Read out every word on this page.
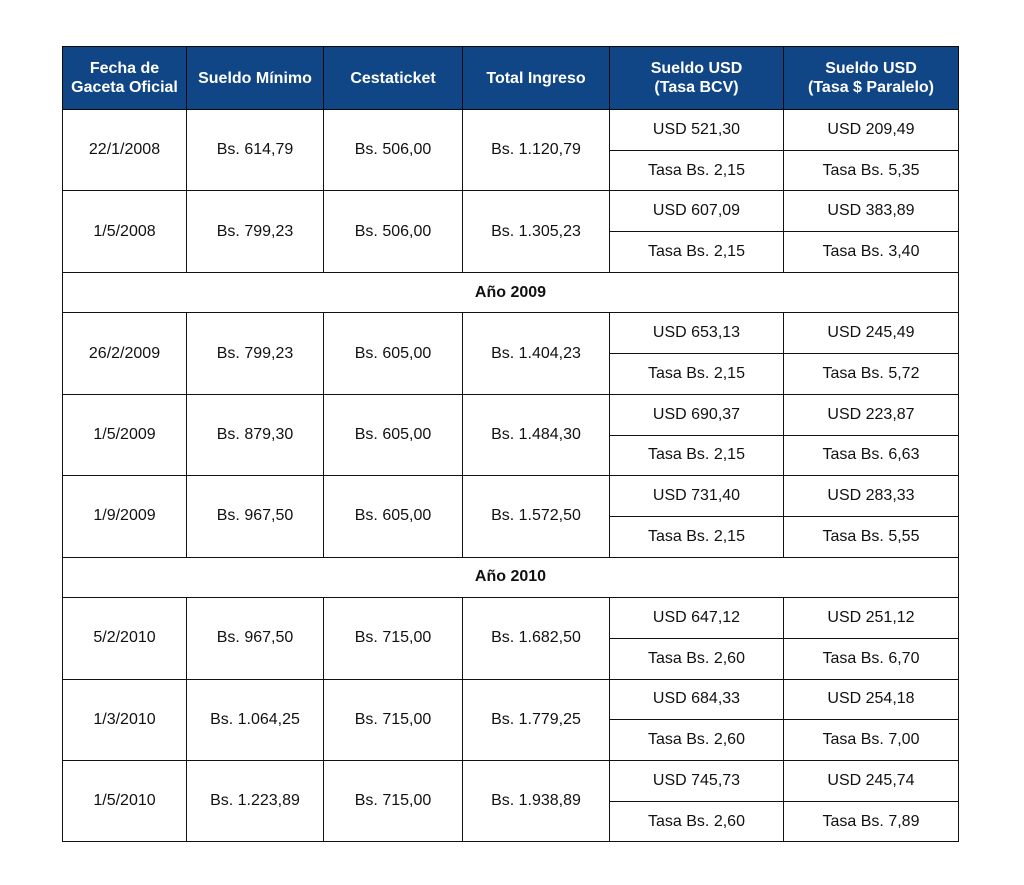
Fecha de
Gaceta Oficial	Sueldo Mínimo	Cestaticket	Total Ingreso	Sueldo USD
(Tasa BCV)	Sueldo USD
(Tasa $ Paralelo)
22/1/2008	Bs. 614,79	Bs. 506,00	Bs. 1.120,79	USD 521,30	USD 209,49
				Tasa Bs. 2,15	Tasa Bs. 5,35
1/5/2008	Bs. 799,23	Bs. 506,00	Bs. 1.305,23	USD 607,09	USD 383,89
				Tasa Bs. 2,15	Tasa Bs. 3,40
Año 2009					
26/2/2009	Bs. 799,23	Bs. 605,00	Bs. 1.404,23	USD 653,13	USD 245,49
				Tasa Bs. 2,15	Tasa Bs. 5,72
1/5/2009	Bs. 879,30	Bs. 605,00	Bs. 1.484,30	USD 690,37	USD 223,87
				Tasa Bs. 2,15	Tasa Bs. 6,63
1/9/2009	Bs. 967,50	Bs. 605,00	Bs. 1.572,50	USD 731,40	USD 283,33
				Tasa Bs. 2,15	Tasa Bs. 5,55
Año 2010					
5/2/2010	Bs. 967,50	Bs. 715,00	Bs. 1.682,50	USD 647,12	USD 251,12
				Tasa Bs. 2,60	Tasa Bs. 6,70
1/3/2010	Bs. 1.064,25	Bs. 715,00	Bs. 1.779,25	USD 684,33	USD 254,18
				Tasa Bs. 2,60	Tasa Bs. 7,00
1/5/2010	Bs. 1.223,89	Bs. 715,00	Bs. 1.938,89	USD 745,73	USD 245,74
				Tasa Bs. 2,60	Tasa Bs. 7,89
